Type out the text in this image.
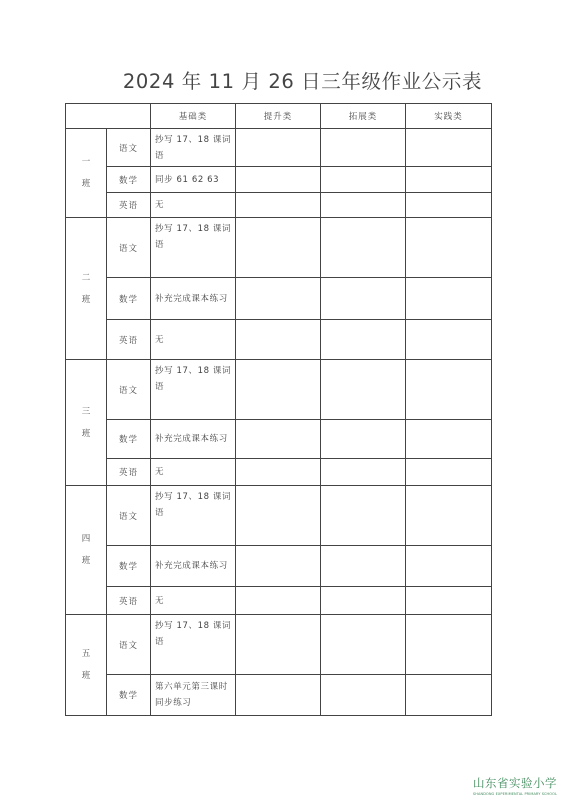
2024 年 11 月 26 日三年级作业公示表
		基础类	提升类	拓展类	实践类

一
班	语文	抄写 17、18 课词语			
	数学	同步 61 62 63			
	英语	无			

二
班	语文	抄写 17、18 课词语			
	数学	补充完成课本练习			
	英语	无			

三
班	语文	抄写 17、18 课词语			
	数学	补充完成课本练习			
	英语	无			

四
班	语文	抄写 17、18 课词语			
	数学	补充完成课本练习			
	英语	无			

五
班	语文	抄写 17、18 课词语			
	数学	第六单元第三课时同步练习			
山东省实验小学
SHANDONG EXPERIMENTAL PRIMARY SCHOOL
